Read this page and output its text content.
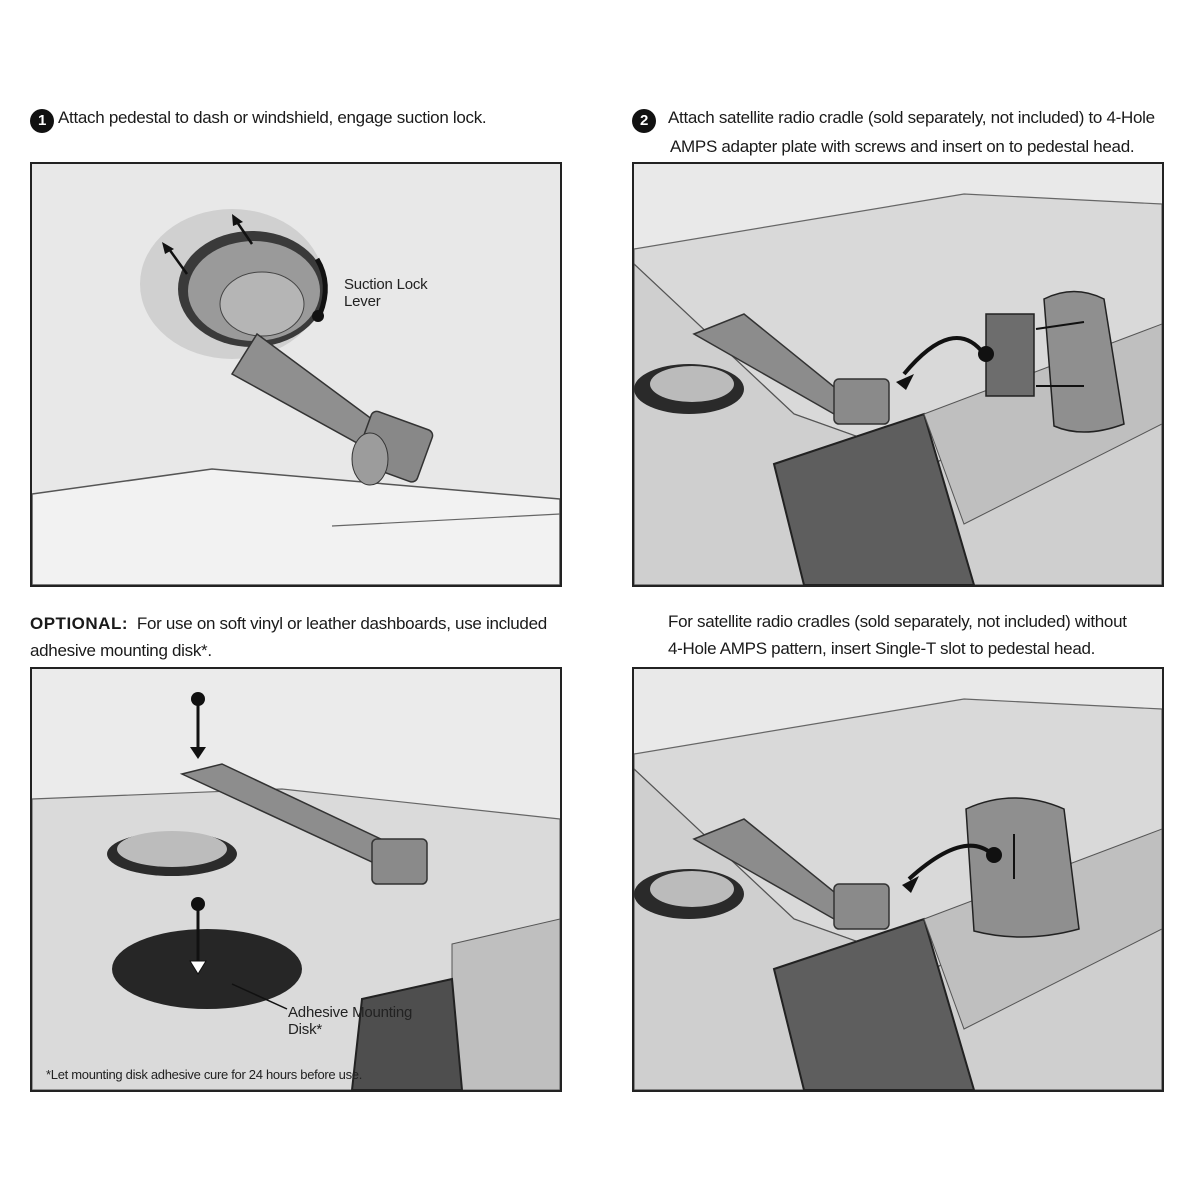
1 Attach pedestal to dash or windshield, engage suction lock.	2 Attach satellite radio cradle (sold separately, not included) to 4-Hole
AMPS adapter plate with screws and insert on to pedestal head.
OPTIONAL: For use on soft vinyl or leather dashboards, use included
adhesive mounting disk*.
For satellite radio cradles (sold separately, not included) without
4-Hole AMPS pattern, insert Single-T slot to pedestal head.
Suction Lock
Lever
Adhesive Mounting
Disk*
*Let mounting disk adhesive cure for 24 hours before use.
